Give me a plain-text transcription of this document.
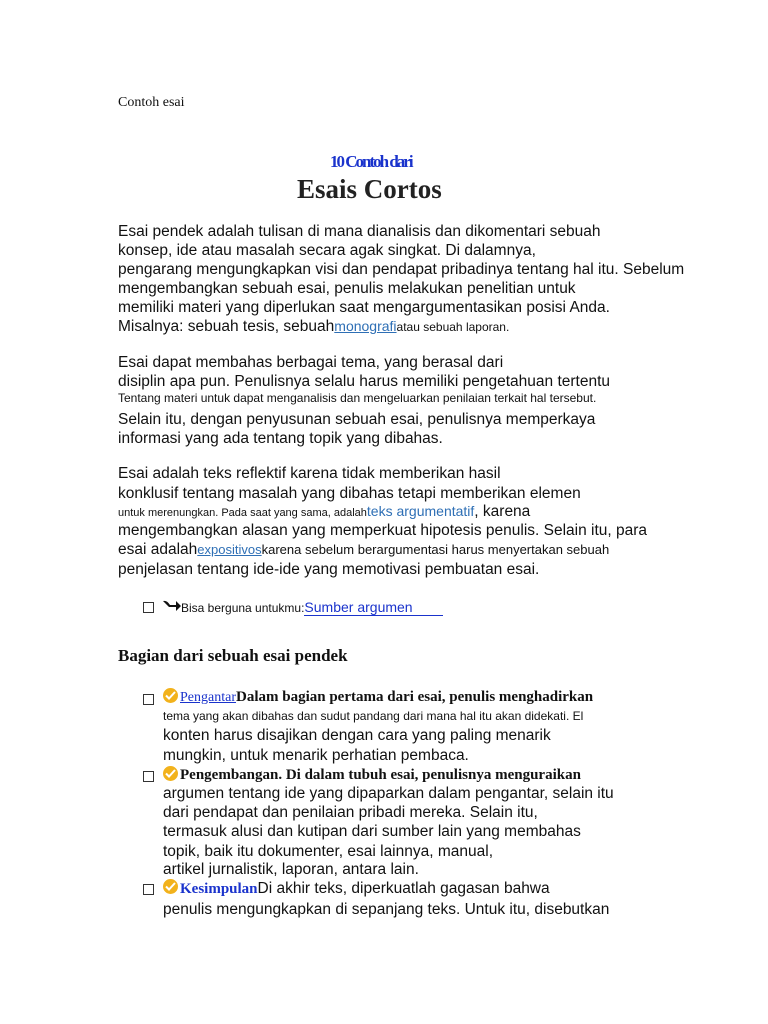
Contoh esai
10 Contoh dari
Esais Cortos
Esai pendek adalah tulisan di mana dianalisis dan dikomentari sebuah
konsep, ide atau masalah secara agak singkat. Di dalamnya,
pengarang mengungkapkan visi dan pendapat pribadinya tentang hal itu. Sebelum
mengembangkan sebuah esai, penulis melakukan penelitian untuk
memiliki materi yang diperlukan saat mengargumentasikan posisi Anda.
Misalnya: sebuah tesis, sebuahmonografiatau sebuah laporan.
Esai dapat membahas berbagai tema, yang berasal dari
disiplin apa pun. Penulisnya selalu harus memiliki pengetahuan tertentu
Tentang materi untuk dapat menganalisis dan mengeluarkan penilaian terkait hal tersebut.
Selain itu, dengan penyusunan sebuah esai, penulisnya memperkaya
informasi yang ada tentang topik yang dibahas.
Esai adalah teks reflektif karena tidak memberikan hasil
konklusif tentang masalah yang dibahas tetapi memberikan elemen
untuk merenungkan. Pada saat yang sama, adalahteks argumentatif, karena
mengembangkan alasan yang memperkuat hipotesis penulis. Selain itu, para
esai adalahexpositivoskarena sebelum berargumentasi harus menyertakan sebuah
penjelasan tentang ide-ide yang memotivasi pembuatan esai.
Bisa berguna untukmu:Sumber argumen
Bagian dari sebuah esai pendek
PengantarDalam bagian pertama dari esai, penulis menghadirkan
tema yang akan dibahas dan sudut pandang dari mana hal itu akan didekati. El
konten harus disajikan dengan cara yang paling menarik
mungkin, untuk menarik perhatian pembaca.
Pengembangan. Di dalam tubuh esai, penulisnya menguraikan
argumen tentang ide yang dipaparkan dalam pengantar, selain itu
dari pendapat dan penilaian pribadi mereka. Selain itu,
termasuk alusi dan kutipan dari sumber lain yang membahas
topik, baik itu dokumenter, esai lainnya, manual,
artikel jurnalistik, laporan, antara lain.
KesimpulanDi akhir teks, diperkuatlah gagasan bahwa
penulis mengungkapkan di sepanjang teks. Untuk itu, disebutkan
